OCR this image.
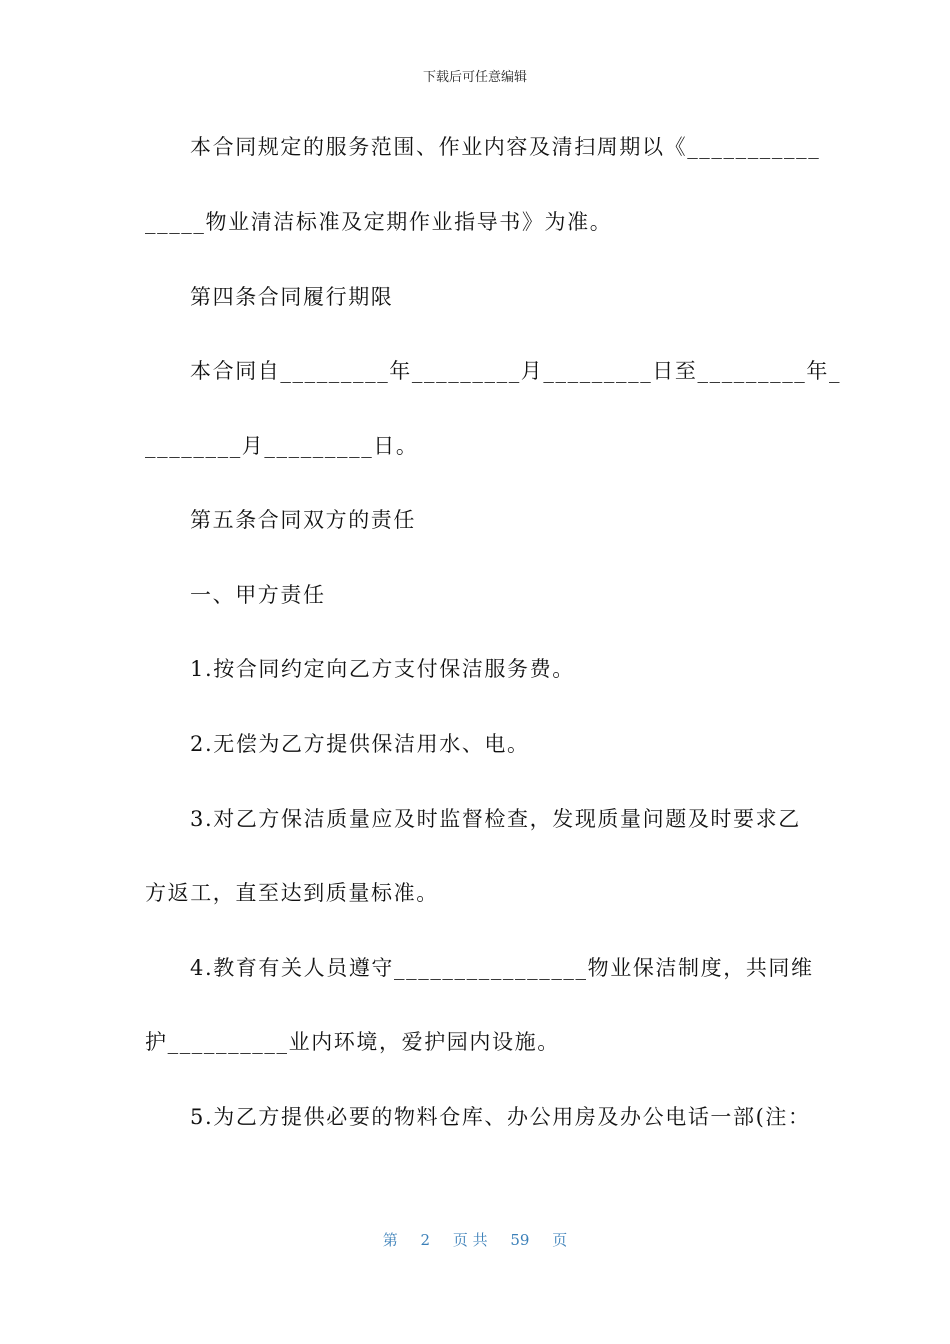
下载后可任意编辑
本合同规定的服务范围、作业内容及清扫周期以《___________
_____物业清洁标准及定期作业指导书》为准。
第四条合同履行期限
本合同自_________年_________月_________日至_________年_
________月_________日。
第五条合同双方的责任
一、甲方责任
1.按合同约定向乙方支付保洁服务费。
2.无偿为乙方提供保洁用水、电。
3.对乙方保洁质量应及时监督检查，发现质量问题及时要求乙
方返工，直至达到质量标准。
4.教育有关人员遵守________________物业保洁制度，共同维
护__________业内环境，爱护园内设施。
5.为乙方提供必要的物料仓库、办公用房及办公电话一部(注：
第 2 页 共 59 页
